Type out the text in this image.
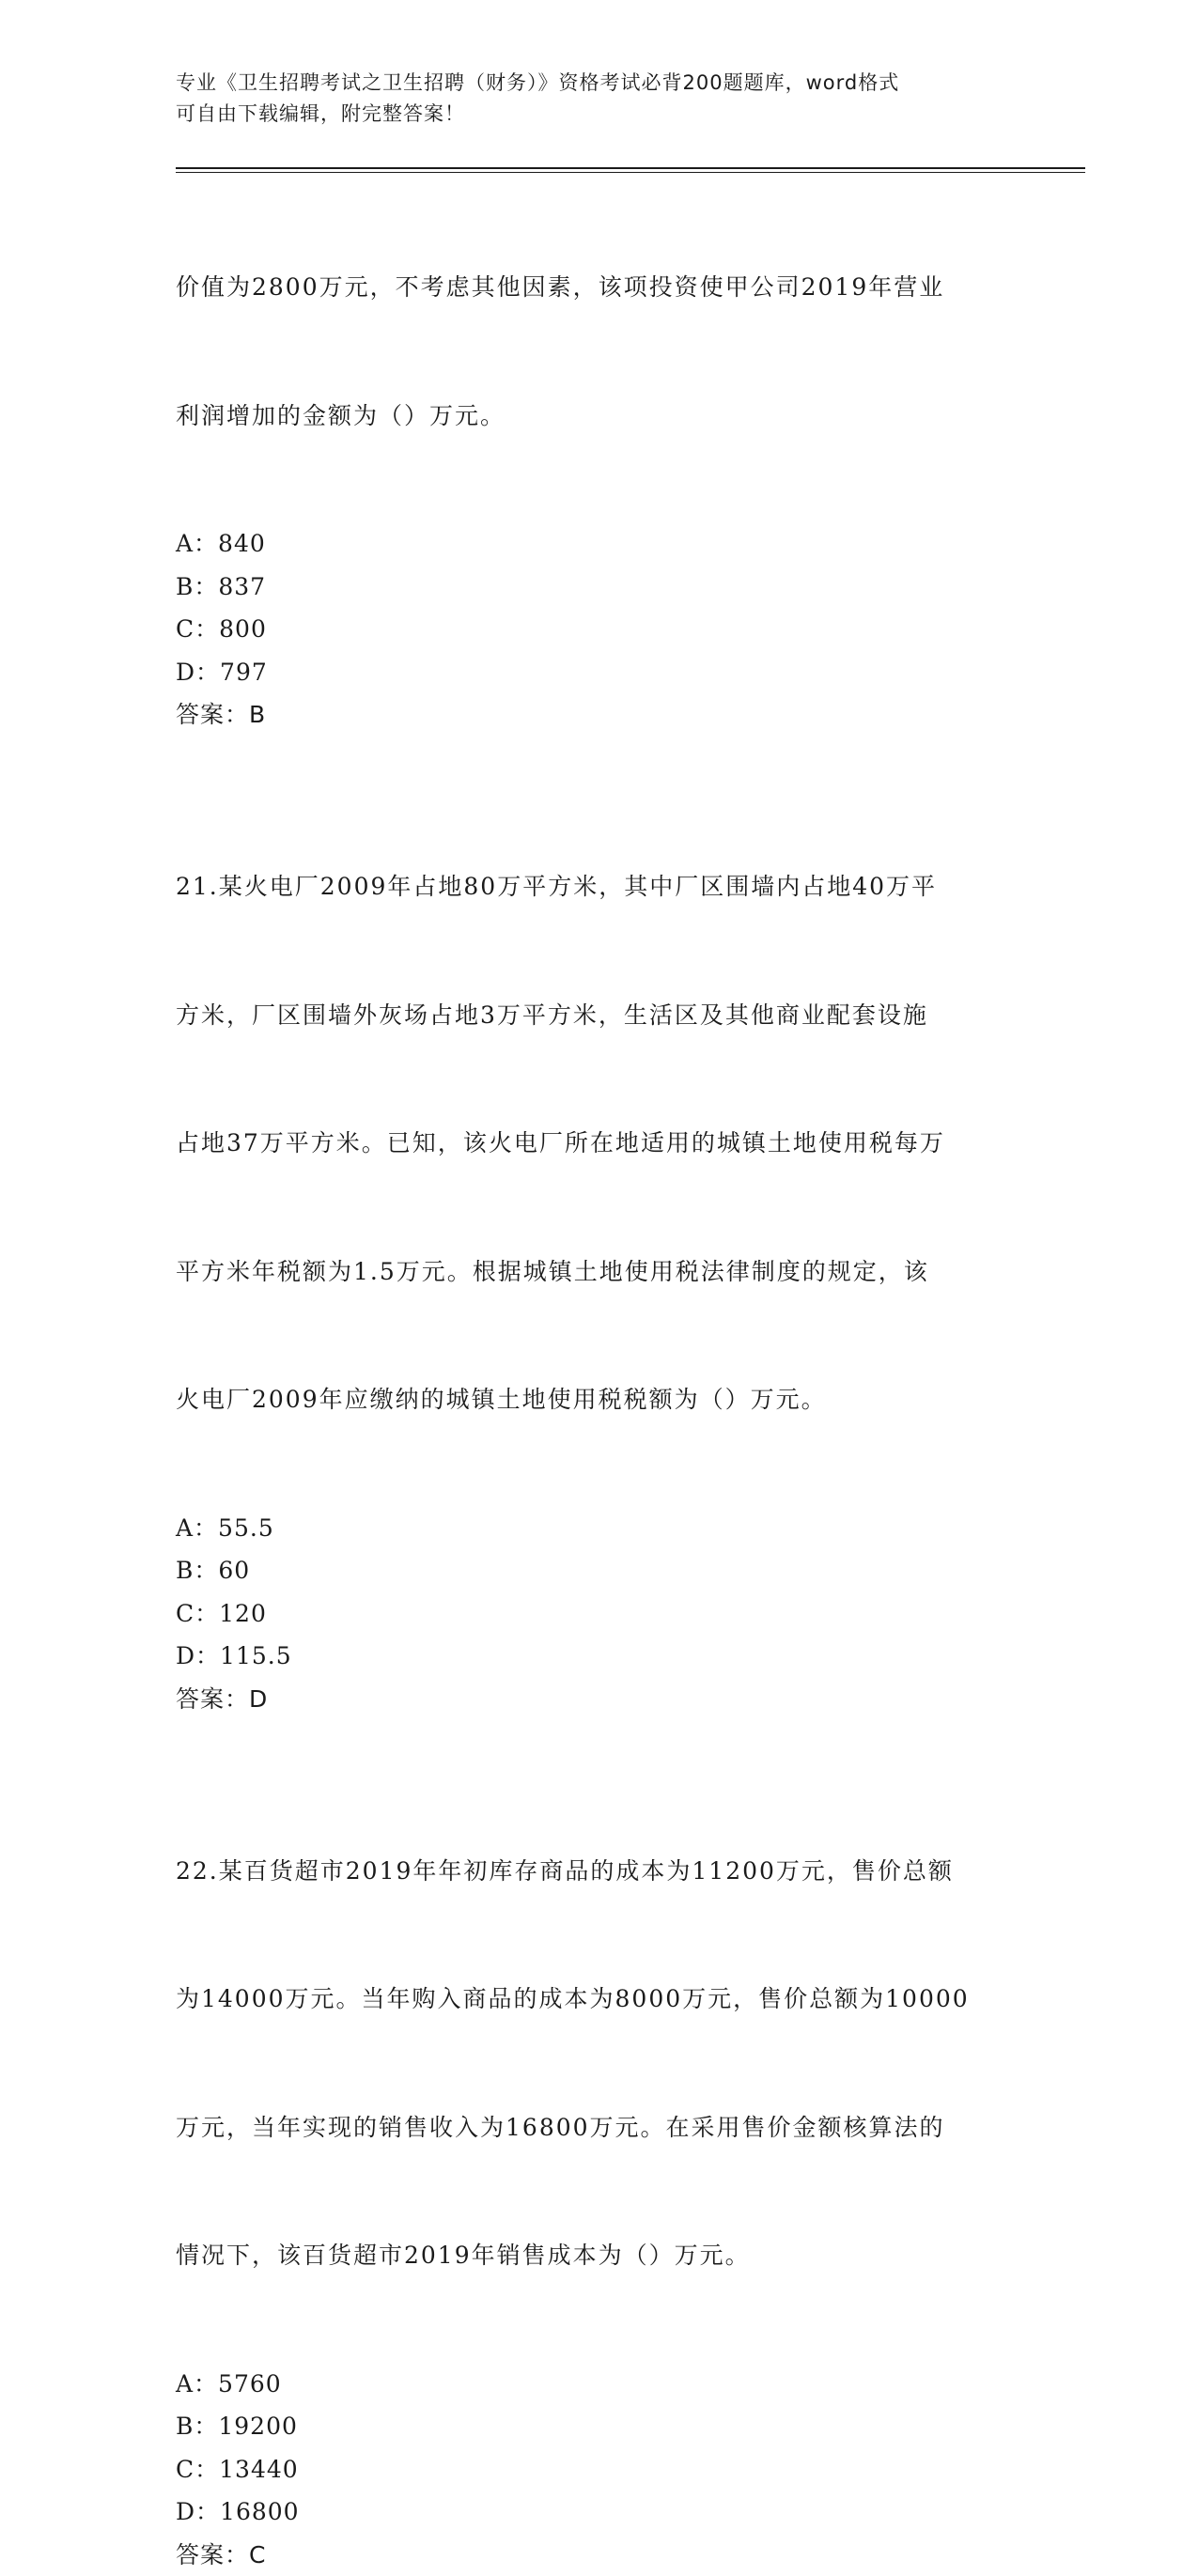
专业《卫生招聘考试之卫生招聘（财务）》资格考试必背200题题库，word格式
可自由下载编辑，附完整答案！

价值为2800万元，不考虑其他因素，该项投资使甲公司2019年营业

利润增加的金额为（）万元。

A：840
B：837
C：800
D：797
答案：B

21.某火电厂2009年占地80万平方米，其中厂区围墙内占地40万平

方米，厂区围墙外灰场占地3万平方米，生活区及其他商业配套设施

占地37万平方米。已知，该火电厂所在地适用的城镇土地使用税每万

平方米年税额为1.5万元。根据城镇土地使用税法律制度的规定，该

火电厂2009年应缴纳的城镇土地使用税税额为（）万元。

A：55.5
B：60
C：120
D：115.5
答案：D

22.某百货超市2019年年初库存商品的成本为11200万元，售价总额

为14000万元。当年购入商品的成本为8000万元，售价总额为10000

万元，当年实现的销售收入为16800万元。在采用售价金额核算法的

情况下，该百货超市2019年销售成本为（）万元。

A：5760
B：19200
C：13440
D：16800
答案：C
